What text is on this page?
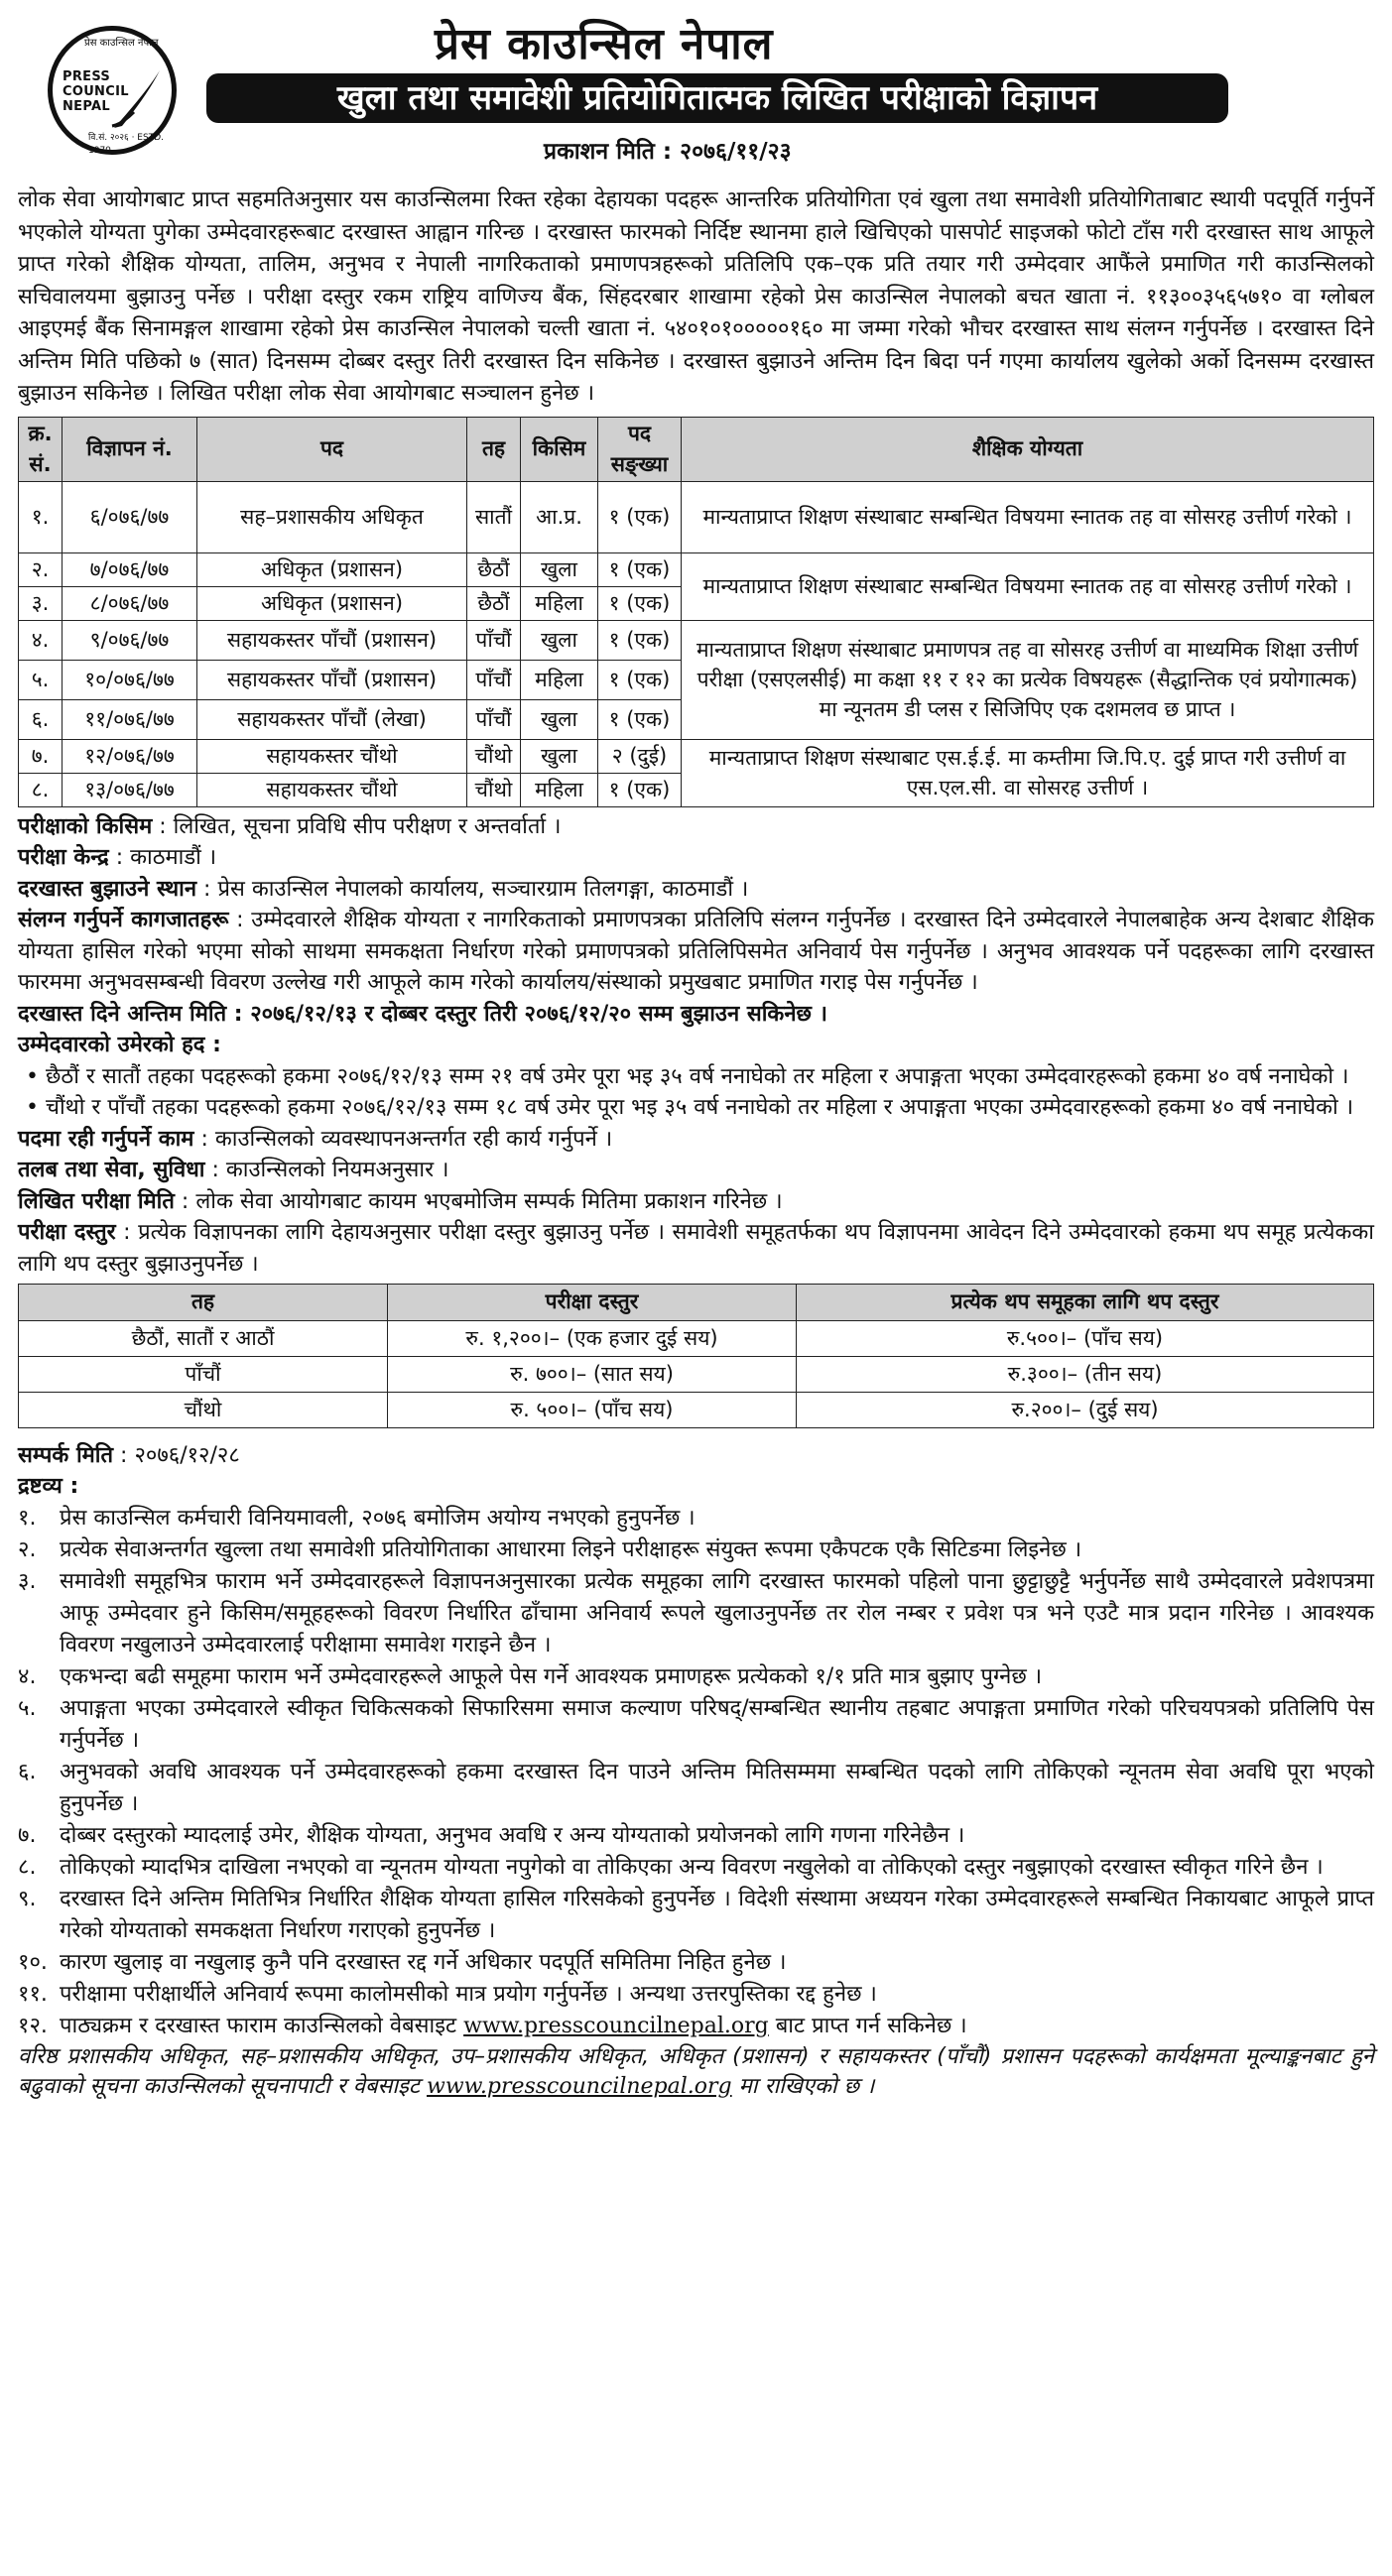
प्रेस काउन्सिल नेपाल
PRESS
COUNCIL
NEPAL
वि.सं. २०२६ · ESTD. 1970
प्रेस काउन्सिल नेपाल
खुला तथा समावेशी प्रतियोगितात्मक लिखित परीक्षाको विज्ञापन
प्रकाशन मिति : २०७६/११/२३
लोक सेवा आयोगबाट प्राप्त सहमतिअनुसार यस काउन्सिलमा रिक्त रहेका देहायका पदहरू आन्तरिक प्रतियोगिता एवं खुला तथा समावेशी प्रतियोगिताबाट स्थायी पदपूर्ति गर्नुपर्ने भएकोले योग्यता पुगेका उम्मेदवारहरूबाट दरखास्त आह्वान गरिन्छ । दरखास्त फारमको निर्दिष्ट स्थानमा हाले खिचिएको पासपोर्ट साइजको फोटो टाँस गरी दरखास्त साथ आफूले प्राप्त गरेको शैक्षिक योग्यता, तालिम, अनुभव र नेपाली नागरिकताको प्रमाणपत्रहरूको प्रतिलिपि एक–एक प्रति तयार गरी उम्मेदवार आफैंले प्रमाणित गरी काउन्सिलको सचिवालयमा बुझाउनु पर्नेछ । परीक्षा दस्तुर रकम राष्ट्रिय वाणिज्य बैंक, सिंहदरबार शाखामा रहेको प्रेस काउन्सिल नेपालको बचत खाता नं. ११३००३५६५७१० वा ग्लोबल आइएमई बैंक सिनामङ्गल शाखामा रहेको प्रेस काउन्सिल नेपालको चल्ती खाता नं. ५४०१०१०००००१६० मा जम्मा गरेको भौचर दरखास्त साथ संलग्न गर्नुपर्नेछ । दरखास्त दिने अन्तिम मिति पछिको ७ (सात) दिनसम्म दोब्बर दस्तुर तिरी दरखास्त दिन सकिनेछ । दरखास्त बुझाउने अन्तिम दिन बिदा पर्न गएमा कार्यालय खुलेको अर्को दिनसम्म दरखास्त बुझाउन सकिनेछ । लिखित परीक्षा लोक सेवा आयोगबाट सञ्चालन हुनेछ ।
क्र. सं.	विज्ञापन नं.	पद	तह	किसिम	पद सङ्ख्या	शैक्षिक योग्यता
१.	६/०७६/७७	सह–प्रशासकीय अधिकृत	सातौं	आ.प्र.	१ (एक)	मान्यताप्राप्त शिक्षण संस्थाबाट सम्बन्धित विषयमा स्नातक तह वा सोसरह उत्तीर्ण गरेको ।
२.	७/०७६/७७	अधिकृत (प्रशासन)	छैठौं	खुला	१ (एक)	मान्यताप्राप्त शिक्षण संस्थाबाट सम्बन्धित विषयमा स्नातक तह वा सोसरह उत्तीर्ण गरेको ।
३.	८/०७६/७७	अधिकृत (प्रशासन)	छैठौं	महिला	१ (एक)	
४.	९/०७६/७७	सहायकस्तर पाँचौं (प्रशासन)	पाँचौं	खुला	१ (एक)	मान्यताप्राप्त शिक्षण संस्थाबाट प्रमाणपत्र तह वा सोसरह उत्तीर्ण वा माध्यमिक शिक्षा उत्तीर्ण परीक्षा (एसएलसीई) मा कक्षा ११ र १२ का प्रत्येक विषयहरू (सैद्धान्तिक एवं प्रयोगात्मक) मा न्यूनतम डी प्लस र सिजिपिए एक दशमलव छ प्राप्त ।
५.	१०/०७६/७७	सहायकस्तर पाँचौं (प्रशासन)	पाँचौं	महिला	१ (एक)	
६.	११/०७६/७७	सहायकस्तर पाँचौं (लेखा)	पाँचौं	खुला	१ (एक)	
७.	१२/०७६/७७	सहायकस्तर चौंथो	चौंथो	खुला	२ (दुई)	मान्यताप्राप्त शिक्षण संस्थाबाट एस.ई.ई. मा कम्तीमा जि.पि.ए. दुई प्राप्त गरी उत्तीर्ण वा एस.एल.सी. वा सोसरह उत्तीर्ण ।
८.	१३/०७६/७७	सहायकस्तर चौंथो	चौंथो	महिला	१ (एक)	

परीक्षाको किसिम : लिखित, सूचना प्रविधि सीप परीक्षण र अन्तर्वार्ता ।

परीक्षा केन्द्र : काठमाडौं ।

दरखास्त बुझाउने स्थान : प्रेस काउन्सिल नेपालको कार्यालय, सञ्चारग्राम तिलगङ्गा, काठमाडौं ।

संलग्न गर्नुपर्ने कागजातहरू : उम्मेदवारले शैक्षिक योग्यता र नागरिकताको प्रमाणपत्रका प्रतिलिपि संलग्न गर्नुपर्नेछ । दरखास्त दिने उम्मेदवारले नेपालबाहेक अन्य देशबाट शैक्षिक योग्यता हासिल गरेको भएमा सोको साथमा समकक्षता निर्धारण गरेको प्रमाणपत्रको प्रतिलिपिसमेत अनिवार्य पेस गर्नुपर्नेछ । अनुभव आवश्यक पर्ने पदहरूका लागि दरखास्त फारममा अनुभवसम्बन्धी विवरण उल्लेख गरी आफूले काम गरेको कार्यालय/संस्थाको प्रमुखबाट प्रमाणित गराइ पेस गर्नुपर्नेछ ।

दरखास्त दिने अन्तिम मिति : २०७६/१२/१३ र दोब्बर दस्तुर तिरी २०७६/१२/२० सम्म बुझाउन सकिनेछ ।

उम्मेदवारको उमेरको हद :

• छैठौं र सातौं तहका पदहरूको हकमा २०७६/१२/१३ सम्म २१ वर्ष उमेर पूरा भइ ३५ वर्ष ननाघेको तर महिला र अपाङ्गता भएका उम्मेदवारहरूको हकमा ४० वर्ष ननाघेको ।

• चौंथो र पाँचौं तहका पदहरूको हकमा २०७६/१२/१३ सम्म १८ वर्ष उमेर पूरा भइ ३५ वर्ष ननाघेको तर महिला र अपाङ्गता भएका उम्मेदवारहरूको हकमा ४० वर्ष ननाघेको ।

पदमा रही गर्नुपर्ने काम : काउन्सिलको व्यवस्थापनअन्तर्गत रही कार्य गर्नुपर्ने ।

तलब तथा सेवा, सुविधा : काउन्सिलको नियमअनुसार ।

लिखित परीक्षा मिति : लोक सेवा आयोगबाट कायम भएबमोजिम सम्पर्क मितिमा प्रकाशन गरिनेछ ।

परीक्षा दस्तुर : प्रत्येक विज्ञापनका लागि देहायअनुसार परीक्षा दस्तुर बुझाउनु पर्नेछ । समावेशी समूहतर्फका थप विज्ञापनमा आवेदन दिने उम्मेदवारको हकमा थप समूह प्रत्येकका लागि थप दस्तुर बुझाउनुपर्नेछ ।

तह	परीक्षा दस्तुर	प्रत्येक थप समूहका लागि थप दस्तुर
छैठौं, सातौं र आठौं	रु. १,२००।– (एक हजार दुई सय)	रु.५००।– (पाँच सय)
पाँचौं	रु. ७००।– (सात सय)	रु.३००।– (तीन सय)
चौंथो	रु. ५००।– (पाँच सय)	रु.२००।– (दुई सय)

सम्पर्क मिति : २०७६/१२/२८

द्रष्टव्य :

१.	प्रेस काउन्सिल कर्मचारी विनियमावली, २०७६ बमोजिम अयोग्य नभएको हुनुपर्नेछ ।
२.	प्रत्येक सेवाअन्तर्गत खुल्ला तथा समावेशी प्रतियोगिताका आधारमा लिइने परीक्षाहरू संयुक्त रूपमा एकैपटक एकै सिटिङमा लिइनेछ ।
३.	समावेशी समूहभित्र फाराम भर्ने उम्मेदवारहरूले विज्ञापनअनुसारका प्रत्येक समूहका लागि दरखास्त फारमको पहिलो पाना छुट्टाछुट्टै भर्नुपर्नेछ साथै उम्मेदवारले प्रवेशपत्रमा आफू उम्मेदवार हुने किसिम/समूहहरूको विवरण निर्धारित ढाँचामा अनिवार्य रूपले खुलाउनुपर्नेछ तर रोल नम्बर र प्रवेश पत्र भने एउटै मात्र प्रदान गरिनेछ । आवश्यक विवरण नखुलाउने उम्मेदवारलाई परीक्षामा समावेश गराइने छैन ।
४.	एकभन्दा बढी समूहमा फाराम भर्ने उम्मेदवारहरूले आफूले पेस गर्ने आवश्यक प्रमाणहरू प्रत्येकको १/१ प्रति मात्र बुझाए पुग्नेछ ।
५.	अपाङ्गता भएका उम्मेदवारले स्वीकृत चिकित्सकको सिफारिसमा समाज कल्याण परिषद्/सम्बन्धित स्थानीय तहबाट अपाङ्गता प्रमाणित गरेको परिचयपत्रको प्रतिलिपि पेस गर्नुपर्नेछ ।
६.	अनुभवको अवधि आवश्यक पर्ने उम्मेदवारहरूको हकमा दरखास्त दिन पाउने अन्तिम मितिसम्ममा सम्बन्धित पदको लागि तोकिएको न्यूनतम सेवा अवधि पूरा भएको हुनुपर्नेछ ।
७.	दोब्बर दस्तुरको म्यादलाई उमेर, शैक्षिक योग्यता, अनुभव अवधि र अन्य योग्यताको प्रयोजनको लागि गणना गरिनेछैन ।
८.	तोकिएको म्यादभित्र दाखिला नभएको वा न्यूनतम योग्यता नपुगेको वा तोकिएका अन्य विवरण नखुलेको वा तोकिएको दस्तुर नबुझाएको दरखास्त स्वीकृत गरिने छैन ।
९.	दरखास्त दिने अन्तिम मितिभित्र निर्धारित शैक्षिक योग्यता हासिल गरिसकेको हुनुपर्नेछ । विदेशी संस्थामा अध्ययन गरेका उम्मेदवारहरूले सम्बन्धित निकायबाट आफूले प्राप्त गरेको योग्यताको समकक्षता निर्धारण गराएको हुनुपर्नेछ ।
१०. कारण खुलाइ वा नखुलाइ कुनै पनि दरखास्त रद्द गर्ने अधिकार पदपूर्ति समितिमा निहित हुनेछ ।
११. परीक्षामा परीक्षार्थीले अनिवार्य रूपमा कालोमसीको मात्र प्रयोग गर्नुपर्नेछ । अन्यथा उत्तरपुस्तिका रद्द हुनेछ ।
१२. पाठ्यक्रम र दरखास्त फाराम काउन्सिलको वेबसाइट www.presscouncilnepal.org बाट प्राप्त गर्न सकिनेछ ।
वरिष्ठ प्रशासकीय अधिकृत, सह–प्रशासकीय अधिकृत, उप–प्रशासकीय अधिकृत, अधिकृत (प्रशासन) र सहायकस्तर (पाँचौं) प्रशासन पदहरूको कार्यक्षमता मूल्याङ्कनबाट हुने बढुवाको सूचना काउन्सिलको सूचनापाटी र वेबसाइट www.presscouncilnepal.org मा राखिएको छ ।
